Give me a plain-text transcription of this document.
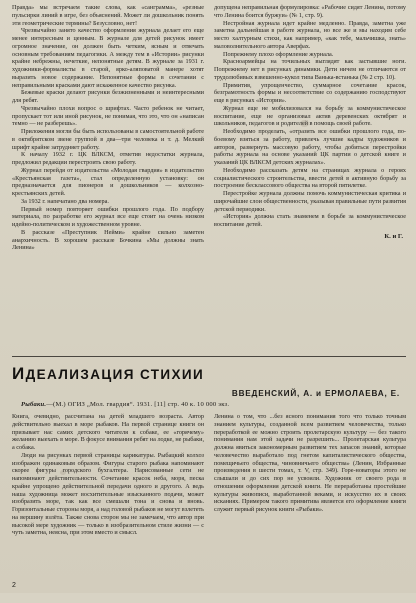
Правда» мы встречаем такие слова, как «санграмма», «резные пульсирки линий в игре, без объяснений. Может ли дошкольник понять эти геометрические термины? Безусловно, нет!

Чрезвычайно занято качество оформления журнала делает его еще менее интересным и ценным. В журнале для детей рисунок имеет огромное значение, он должен быть четким, ясным и отвечать основным требованиям педагогики. А между тем в «Истории» рисунки крайне небрежны, нечеткие, непонятные детям. В журнале за 1931 г. художники-формалисты в старой, ярко-аляповатой манере хотят выразить новое содержание. Непонятные формы в сочетании с неправильными красками дают искаженное качество рисунка.

Бежевые краски делают рисунки безжизненными и неинтересными для ребят.

Чрезвычайно плохи вопрос о шрифтах. Часто ребенок не читает, пропускает тот или иной рисунок, не понимая, что это, что он «написан темно — не разберешь».

Приложения могли бы быть использованы в самостоятельной работе в октябрятском звене группой в два—три человека и т. д. Мелкий шрифт крайне затрудняет работу.

К началу 1932 г. ЦК ВЛКСМ, отметив недостатки журнала, предложил редакции перестроить свою работу.

Журнал перейдя от издательства «Молодая гвардия» в издательство «Крестьянская газета», стал определенную установку: он предназначается для пионеров и дошкольников — колхозно-крестьянских детей.

За 1932 г. напечатано два номера.

Первый номер повторяет ошибки прошлого года. По подбору материала, по разработке его журнал все еще стоит на очень низком идейно-политическом и художественном уровне.

В рассказе «Преступник Нейми» крайне сильно заметен анархичность. В хорошем рассказе Бочкина «Мы должны знать Ленина»

допущена неправильная формулировка: «Рабочие сидят Ленина, потому что Ленина боится буржуи» (№ 1, стр. 9).

Нестройная журнала идет крайне медленно. Правда, заметна уже заметна дальнейшая в работе журнала, но все же и мы находим себе место халтурным стихи, как например, «как тебе, мальчишка, знать» маловолнительного автора Аверфах.

Попрежнему плохо оформление журнала.

Красноармейцы на точильных выглядят как застывшие ноги. Попрежнему нет в рисунках динамики. Дети ничем не отличаются от трудолюбивых взвешенно-кукол типа Ванька-встанька (№ 2 стр. 10).

Примитив, упрощенчество, суммарное сочетание красок, безграмотность формы и несоответствие со содержанию господствуют еще в рисунках «Истории».

Журнал еще не мобилизовался на борьбу за коммунистическое воспитание, еще не организовал актив деревенских октябрят и школьников, педагогов и родителей в помощь своей работе.

Необходимо проделать, «отразить все ошибки прошлого года, по-боевому взяться за работу, привлечь лучшие кадры художников и авторов, развернуть массовую работу, чтобы добиться перестройки работы журнала на основе указаний ЦК партии о детской книге и указаний ЦК ВЛКСМ детских журналах».

Необходимо рассказать детям на страницах журнала о героях социалистического строительства, ввести детей в активную борьбу за построение бесклассового общества на второй пятилетке.

Перестройке журнала должны помочь коммунистическая критика и широчайшие слои общественности, указывая правильные пути развития детской периодики.

«История» должна стать знаменем в борьбе за коммунистическое воспитание детей.

К. и Г.
ИДЕАЛИЗАЦИЯ СТИХИИ
ВВЕДЕНСКИЙ, А. и ЕРМОЛАЕВА, Е.
Рыбаки.—(М.) ОГИЗ „Мол. гвардия“. 1931. [11] стр. 40 к. 10 000 экз.

Книга, очевидно, рассчитана на детей младшего возраста. Автор действительно выехал в море рыбаков. На первой странице книги он призывает нас самих детского читателя к собаке, ее «горячему» желанию выехать в море. В фокусе внимания ребят на лодке, не рыбаки, а собака.

Люди на рисунках первой страницы карикатуры. Рыбацкий колхоз изображен одинаковым образом. Фигуры старого рыбака напоминают скорее фигуры городского бухгалтера. Нарисованные сети не напоминают действительности. Сочетание красок неба, моря, песка крайне упрощено действительной передачи одного и другого. А ведь наша художница может восхитительные изысканного подачи, может изобразить море, так как все смешали тона и снова и вновь. Горизонтальные стороны моря, а над головой рыбаков не могут взлететь на вершину взлёта. Также снова сторон мы не замечаем, что автор при высокой мере художник — только в изобразительном стиле жизни — с чуть заметна, неясна, при этом вместо и смысл.

Ленина о том, что ...без ясного понимания того что только точным знанием культуры, созданной всем развитием человечества, только переработкой ее можно строить пролетарскую культуру — без такого понимания нам этой задачи не разрешить... Пролетарская культура должна явиться закономерным развитием тех запасов знаний, которые человечество выработало под гнетом капиталистического общества, помещичьего общества, чиновничьего общества» (Ленин, Избранные произведения в шести томах, т. V, стр. 349). Горе-новаторы этого не слышали и до сих пор не усвоили. Художник от своего рода в отношении оформления детской книги. Не переработаны простейшие культуры живописи, выработанной веками, и искусство их в своих исканиях. Примером такого примитива является его оформление книги служит первый рисунок книги «Рыбаки».

2
